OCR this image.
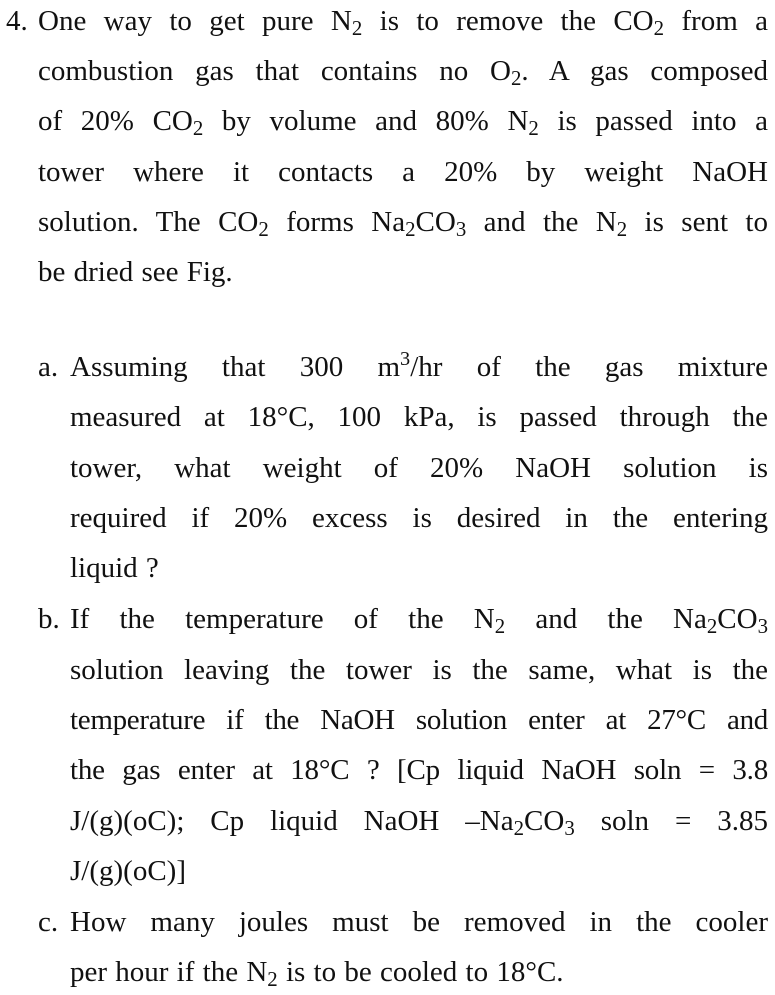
4. One way to get pure $N_2$ is to remove the $CO_2$ from a
combustion gas that contains no $O_2$. A gas composed
of 20% $CO_2$ by volume and 80% $N_2$ is passed into a
tower where it contacts a 20% by weight NaOH
solution. The $CO_2$ forms $Na_2CO_3$ and the $N_2$ is sent to
be dried see Fig.
a. Assuming that 300 $m^3/hr$ of the gas mixture
measured at 18°C, 100 kPa, is passed through the
tower, what weight of 20% NaOH solution is
required if 20% excess is desired in the entering
liquid ?
b. If the temperature of the $N_2$ and the $Na_2CO_3$
solution leaving the tower is the same, what is the
temperature if the NaOH solution enter at 27°C and
the gas enter at 18°C ? [Cp liquid NaOH soln = 3.8
J/(g)(oC); Cp liquid NaOH $-Na_2CO_3$ soln = 3.85
J/(g)(oC)]
c. How many joules must be removed in the cooler
per hour if the $N_2$ is to be cooled to 18°C.
